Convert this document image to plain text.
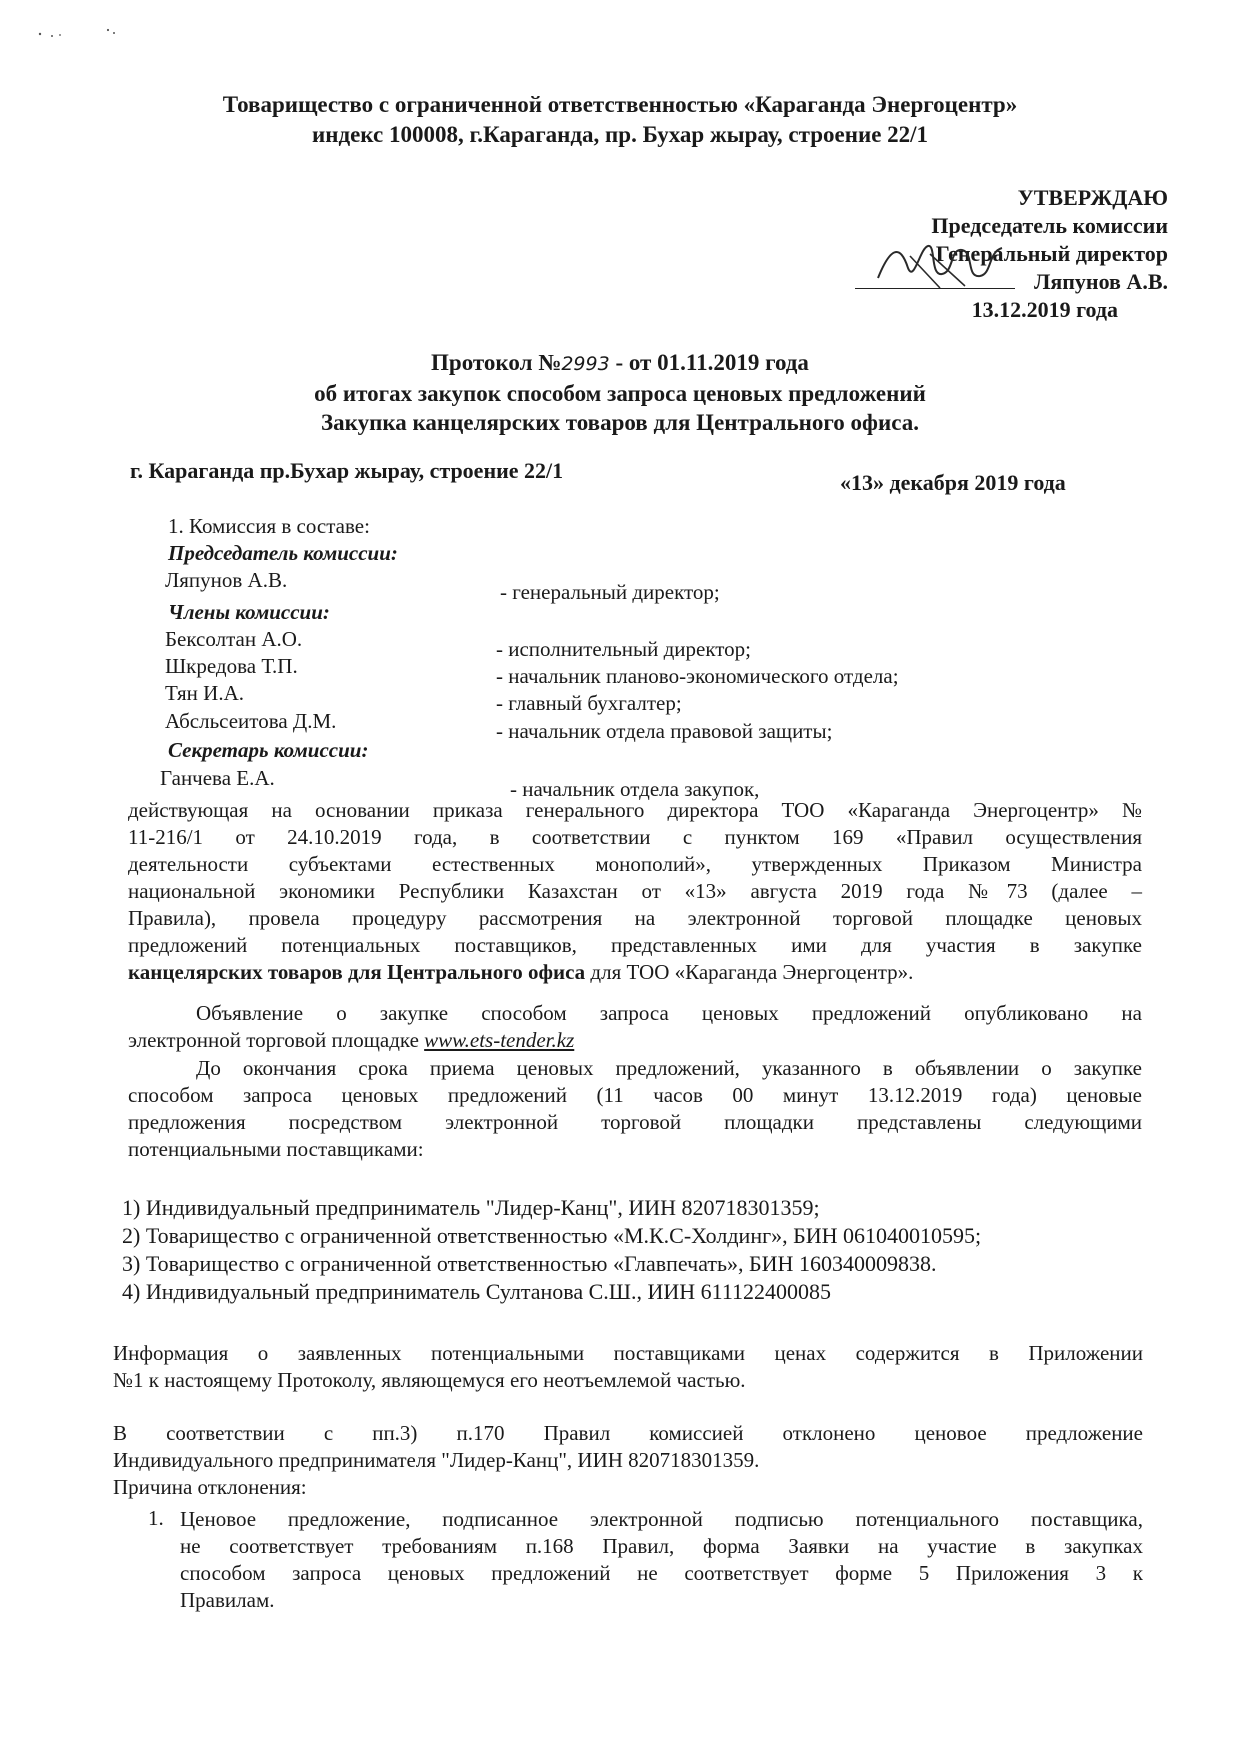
Товарищество с ограниченной ответственностью «Караганда Энергоцентр»
индекс 100008, г.Караганда, пр. Бухар жырау, строение 22/1
УТВЕРЖДАЮ
Председатель комиссии
Генеральный директор
Ляпунов А.В.
13.12.2019 года
Протокол №2993 - от 01.11.2019 года
об итогах закупок способом запроса ценовых предложений
Закупка канцелярских товаров для Центрального офиса.
г. Караганда пр.Бухар жырау, строение 22/1	«13» декабря 2019 года
1. Комиссия в составе:
Председатель комиссии:
Ляпунов А.В.	- генеральный директор;
Члены комиссии:
Бексолтан А.О.	- исполнительный директор;
Шкредова Т.П.	- начальник планово-экономического отдела;
Тян И.А.	- главный бухгалтер;
Абсльсеитова Д.М.	- начальник отдела правовой защиты;
Секретарь комиссии:
Ганчева Е.А.	- начальник отдела закупок,
действующая на основании приказа генерального директора ТОО «Караганда Энергоцентр» №
11-216/1 от 24.10.2019 года, в соответствии с пунктом 169 «Правил осуществления
деятельности субъектами естественных монополий», утвержденных Приказом Министра
национальной экономики Республики Казахстан от «13» августа 2019 года №73 (далее –
Правила), провела процедуру рассмотрения на электронной торговой площадке ценовых
предложений потенциальных поставщиков, представленных ими для участия в закупке
канцелярских товаров для Центрального офиса для ТОО «Караганда Энергоцентр».
Объявление о закупке способом запроса ценовых предложений опубликовано на
электронной торговой площадке www.ets-tender.kz
До окончания срока приема ценовых предложений, указанного в объявлении о закупке
способом запроса ценовых предложений (11 часов 00 минут 13.12.2019 года) ценовые
предложения посредством электронной торговой площадки представлены следующими
потенциальными поставщиками:
1) Индивидуальный предприниматель "Лидер-Канц", ИИН 820718301359;
2) Товарищество с ограниченной ответственностью «М.К.С-Холдинг», БИН 061040010595;
3) Товарищество с ограниченной ответственностью «Главпечать», БИН 160340009838.
4) Индивидуальный предприниматель Султанова С.Ш., ИИН 611122400085
Информация о заявленных потенциальными поставщиками ценах содержится в Приложении
№1 к настоящему Протоколу, являющемуся его неотъемлемой частью.
В соответствии с пп.3) п.170 Правил комиссией отклонено ценовое предложение
Индивидуального предпринимателя "Лидер-Канц", ИИН 820718301359.
Причина отклонения:
1. Ценовое предложение, подписанное электронной подписью потенциального поставщика,
не соответствует требованиям п.168 Правил, форма Заявки на участие в закупках
способом запроса ценовых предложений не соответствует форме 5 Приложения 3 к
Правилам.
